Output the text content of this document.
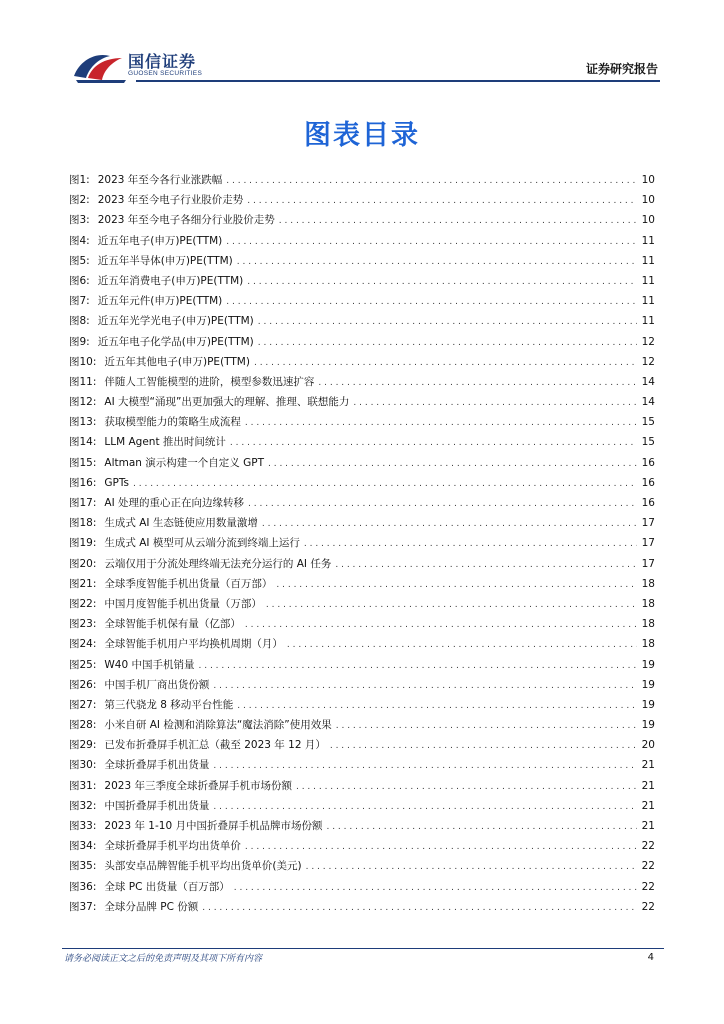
国信证券
GUOSEN SECURITIES	证券研究报告
图表目录
图1: 2023 年至今各行业涨跌幅 . . .	10
图2: 2023 年至今电子行业股价走势 . . .	10
图3: 2023 年至今电子各细分行业股价走势 . . .	10
图4: 近五年电子(申万)PE(TTM) . . .	11
图5: 近五年半导体(申万)PE(TTM) . . .	11
图6: 近五年消费电子(申万)PE(TTM) . . .	11
图7: 近五年元件(申万)PE(TTM) . . .	11
图8: 近五年光学光电子(申万)PE(TTM) . . .	11
图9: 近五年电子化学品(申万)PE(TTM) . . .	12
图10: 近五年其他电子(申万)PE(TTM) . . .	12
图11: 伴随人工智能模型的进阶，模型参数迅速扩容 . . .	14
图12: AI 大模型“涌现”出更加强大的理解、推理、联想能力 . . .	14
图13: 获取模型能力的策略生成流程 . . .	15
图14: LLM Agent 推出时间统计 . . .	15
图15: Altman 演示构建一个自定义 GPT . . .	16
图16: GPTs . . .	16
图17: AI 处理的重心正在向边缘转移 . . .	16
图18: 生成式 AI 生态链使应用数量激增 . . .	17
图19: 生成式 AI 模型可从云端分流到终端上运行 . . .	17
图20: 云端仅用于分流处理终端无法充分运行的 AI 任务 . . .	17
图21: 全球季度智能手机出货量（百万部） . . .	18
图22: 中国月度智能手机出货量（万部） . . .	18
图23: 全球智能手机保有量（亿部） . . .	18
图24: 全球智能手机用户平均换机周期（月） . . .	18
图25: W40 中国手机销量 . . .	19
图26: 中国手机厂商出货份额 . . .	19
图27: 第三代骁龙 8 移动平台性能 . . .	19
图28: 小米自研 AI 检测和消除算法“魔法消除”使用效果 . . .	19
图29: 已发布折叠屏手机汇总（截至 2023 年 12 月） . . .	20
图30: 全球折叠屏手机出货量 . . .	21
图31: 2023 年三季度全球折叠屏手机市场份额 . . .	21
图32: 中国折叠屏手机出货量 . . .	21
图33: 2023 年 1-10 月中国折叠屏手机品牌市场份额 . . .	21
图34: 全球折叠屏手机平均出货单价 . . .	22
图35: 头部安卓品牌智能手机平均出货单价(美元) . . .	22
图36: 全球 PC 出货量（百万部） . . .	22
图37: 全球分品牌 PC 份额 . . .	22
请务必阅读正文之后的免责声明及其项下所有内容	4
